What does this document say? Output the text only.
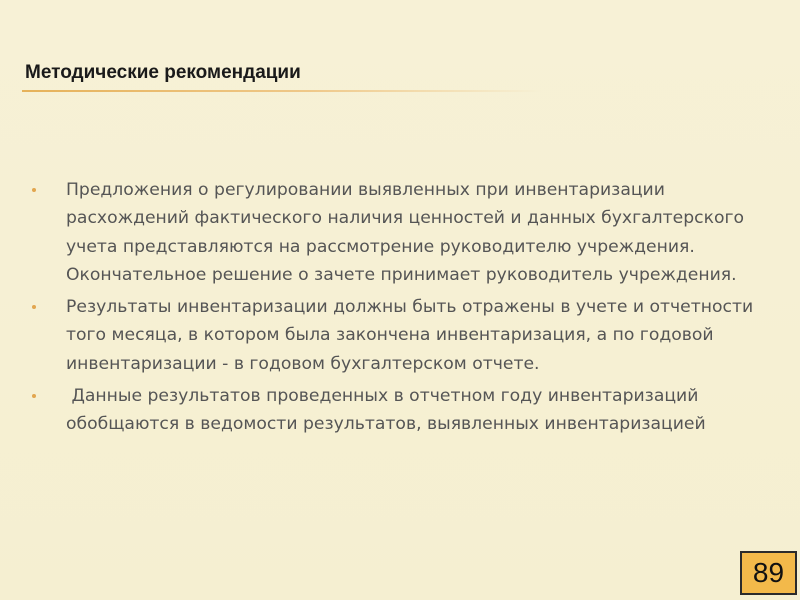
Методические рекомендации
Предложения о регулировании выявленных при инвентаризации расхождений фактического наличия ценностей и данных бухгалтерского учета представляются на рассмотрение руководителю учреждения. Окончательное решение о зачете принимает руководитель учреждения.
Результаты инвентаризации должны быть отражены в учете и отчетности того месяца, в котором была закончена инвентаризация, а по годовой инвентаризации - в годовом бухгалтерском отчете.
Данные результатов проведенных в отчетном году инвентаризаций обобщаются в ведомости результатов, выявленных инвентаризацией
89
